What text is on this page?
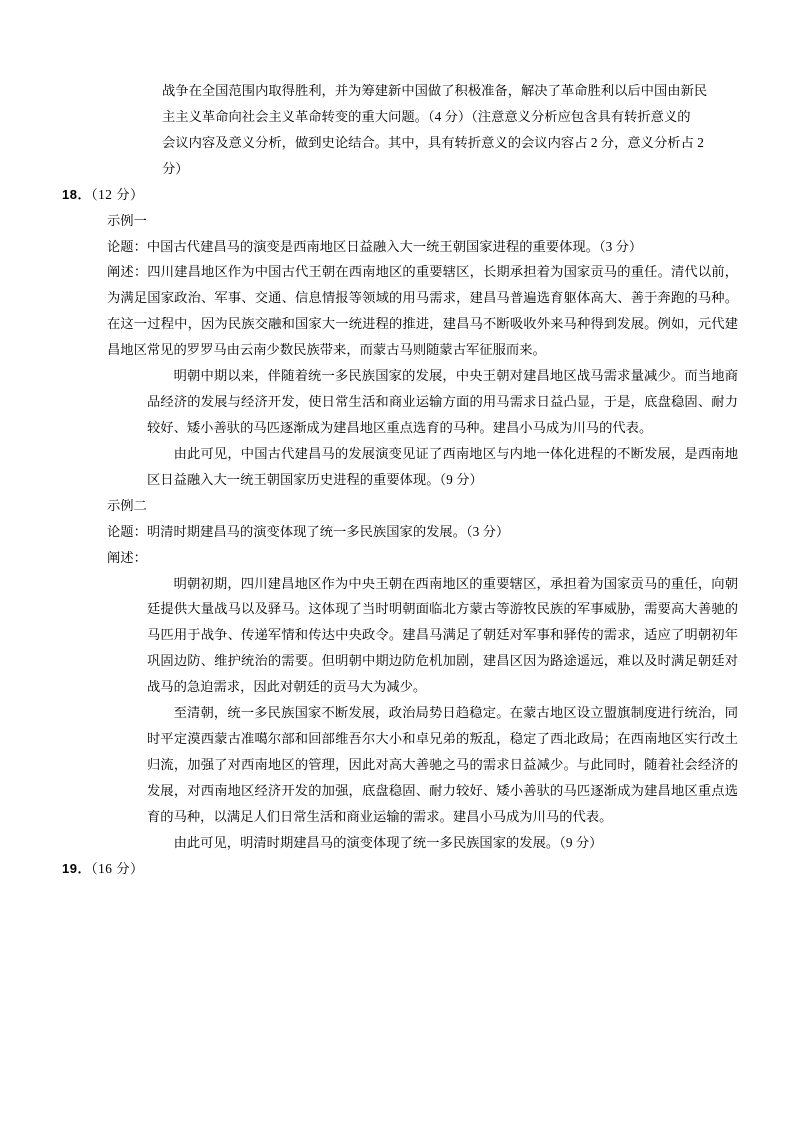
战争在全国范围内取得胜利，并为筹建新中国做了积极准备，解决了革命胜利以后中国由新民

主主义革命向社会主义革命转变的重大问题。（4 分）（注意意义分析应包含具有转折意义的

会议内容及意义分析，做到史论结合。其中，具有转折意义的会议内容占 2 分，意义分析占 2

分）

18．（12 分）

示例一

论题：中国古代建昌马的演变是西南地区日益融入大一统王朝国家进程的重要体现。（3 分）

阐述：四川建昌地区作为中国古代王朝在西南地区的重要辖区，长期承担着为国家贡马的重任。清代以前，为满足国家政治、军事、交通、信息情报等领域的用马需求，建昌马普遍选育躯体高大、善于奔跑的马种。在这一过程中，因为民族交融和国家大一统进程的推进，建昌马不断吸收外来马种得到发展。例如，元代建昌地区常见的罗罗马由云南少数民族带来，而蒙古马则随蒙古军征服而来。

明朝中期以来，伴随着统一多民族国家的发展，中央王朝对建昌地区战马需求量减少。而当地商品经济的发展与经济开发，使日常生活和商业运输方面的用马需求日益凸显，于是，底盘稳固、耐力较好、矮小善驮的马匹逐渐成为建昌地区重点选育的马种。建昌小马成为川马的代表。

由此可见，中国古代建昌马的发展演变见证了西南地区与内地一体化进程的不断发展，是西南地区日益融入大一统王朝国家历史进程的重要体现。（9 分）

示例二

论题：明清时期建昌马的演变体现了统一多民族国家的发展。（3 分）

阐述：

明朝初期，四川建昌地区作为中央王朝在西南地区的重要辖区，承担着为国家贡马的重任，向朝廷提供大量战马以及驿马。这体现了当时明朝面临北方蒙古等游牧民族的军事威胁，需要高大善驰的马匹用于战争、传递军情和传达中央政令。建昌马满足了朝廷对军事和驿传的需求，适应了明朝初年巩固边防、维护统治的需要。但明朝中期边防危机加剧，建昌区因为路途遥远，难以及时满足朝廷对战马的急迫需求，因此对朝廷的贡马大为减少。

至清朝，统一多民族国家不断发展，政治局势日趋稳定。在蒙古地区设立盟旗制度进行统治，同时平定漠西蒙古准噶尔部和回部维吾尔大小和卓兄弟的叛乱，稳定了西北政局；在西南地区实行改土归流，加强了对西南地区的管理，因此对高大善驰之马的需求日益减少。与此同时，随着社会经济的发展，对西南地区经济开发的加强，底盘稳固、耐力较好、矮小善驮的马匹逐渐成为建昌地区重点选育的马种，以满足人们日常生活和商业运输的需求。建昌小马成为川马的代表。

由此可见，明清时期建昌马的演变体现了统一多民族国家的发展。（9 分）

19．（16 分）
